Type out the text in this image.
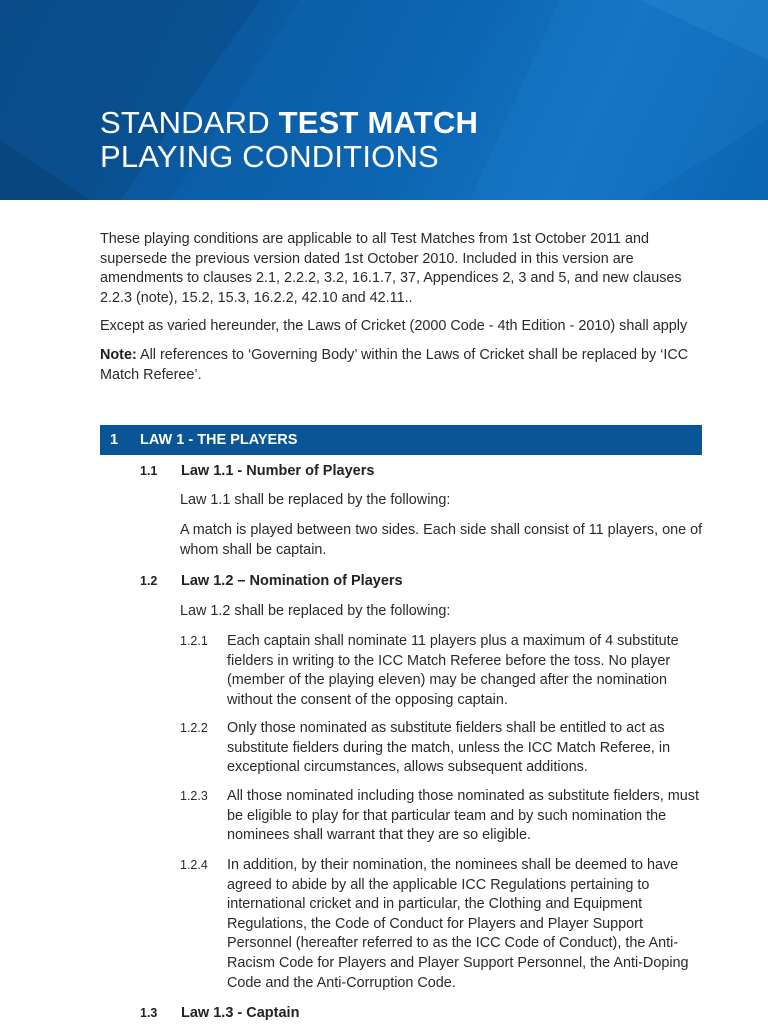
STANDARD TEST MATCH
PLAYING CONDITIONS

These playing conditions are applicable to all Test Matches from 1st October 2011 and supersede the previous version dated 1st October 2010. Included in this version are amendments to clauses 2.1, 2.2.2, 3.2, 16.1.7, 37, Appendices 2, 3 and 5, and new clauses 2.2.3 (note), 15.2, 15.3, 16.2.2, 42.10 and 42.11..

Except as varied hereunder, the Laws of Cricket (2000 Code - 4th Edition - 2010) shall apply

Note: All references to ‘Governing Body’ within the Laws of Cricket shall be replaced by ‘ICC Match Referee’.

1	LAW 1 - THE PLAYERS
1.1	Law 1.1 - Number of Players
Law 1.1 shall be replaced by the following:
A match is played between two sides. Each side shall consist of 11 players, one of whom shall be captain.
1.2	Law 1.2 – Nomination of Players
Law 1.2 shall be replaced by the following:
1.2.1	Each captain shall nominate 11 players plus a maximum of 4 substitute fielders in writing to the ICC Match Referee before the toss. No player (member of the playing eleven) may be changed after the nomination without the consent of the opposing captain.
1.2.2	Only those nominated as substitute fielders shall be entitled to act as substitute fielders during the match, unless the ICC Match Referee, in exceptional circumstances, allows subsequent additions.
1.2.3	All those nominated including those nominated as substitute fielders, must be eligible to play for that particular team and by such nomination the nominees shall warrant that they are so eligible.
1.2.4	In addition, by their nomination, the nominees shall be deemed to have agreed to abide by all the applicable ICC Regulations pertaining to international cricket and in particular, the Clothing and Equipment Regulations, the Code of Conduct for Players and Player Support Personnel (hereafter referred to as the ICC Code of Conduct), the Anti-Racism Code for Players and Player Support Personnel, the Anti-Doping Code and the Anti-Corruption Code.
1.3	Law 1.3 - Captain
